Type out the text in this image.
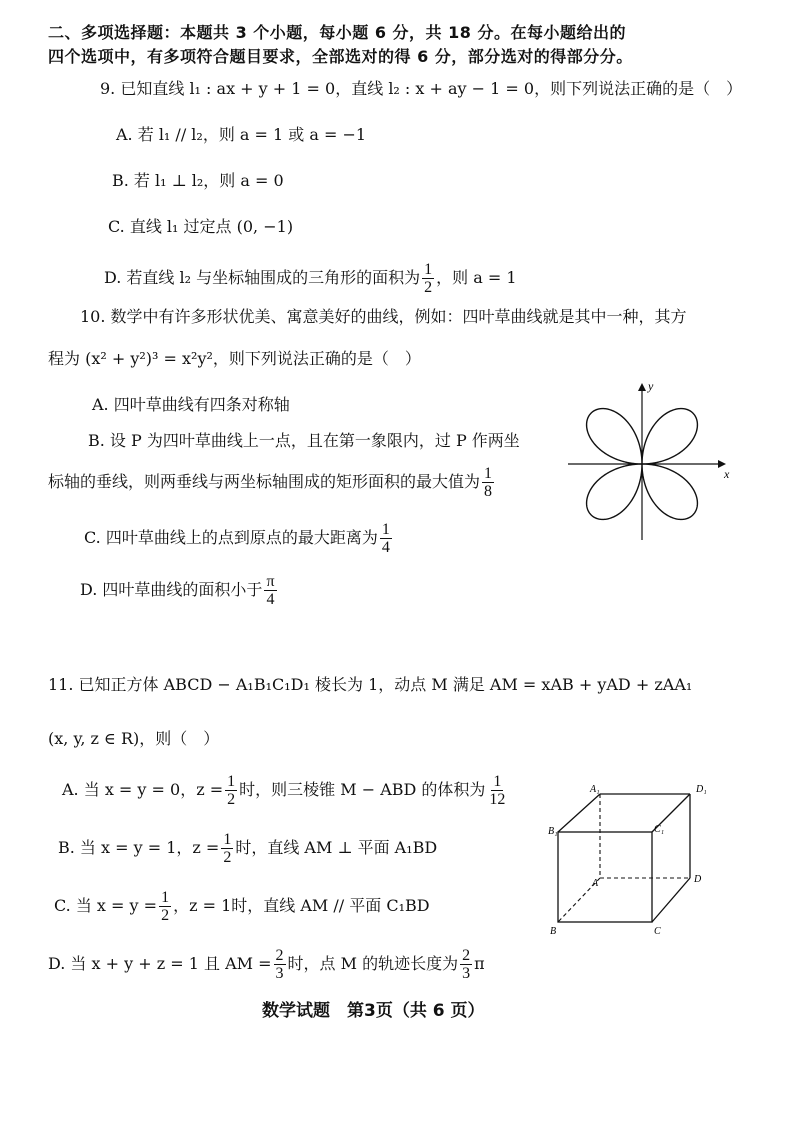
二、多项选择题：本题共 3 个小题，每小题 6 分，共 18 分。在每小题给出的
四个选项中，有多项符合题目要求，全部选对的得 6 分，部分选对的得部分分。
9. 已知直线 l₁ : ax + y + 1 = 0，直线 l₂ : x + ay − 1 = 0，则下列说法正确的是（　）
A. 若 l₁ // l₂，则 a = 1 或 a = −1
B. 若 l₁ ⊥ l₂，则 a = 0
C. 直线 l₁ 过定点 (0, −1)
D. 若直线 l₂ 与坐标轴围成的三角形的面积为 $\frac{1}{2}$ ，则 a = 1
10. 数学中有许多形状优美、寓意美好的曲线，例如：四叶草曲线就是其中一种，其方
程为 (x² + y²)³ = x²y²，则下列说法正确的是（　）
A. 四叶草曲线有四条对称轴
B. 设 P 为四叶草曲线上一点，且在第一象限内，过 P 作两坐
标轴的垂线，则两垂线与两坐标轴围成的矩形面积的最大值为 $\frac{1}{8}$
C. 四叶草曲线上的点到原点的最大距离为 $\frac{1}{4}$
D. 四叶草曲线的面积小于 $\frac{\pi}{4}$
x
y
11. 已知正方体 ABCD − A₁B₁C₁D₁ 棱长为 1，动点 M 满足 AM = xAB + yAD + zAA₁
(x, y, z ∈ R)，则（　）
A. 当 x = y = 0，$z = \frac{1}{2}$ 时，则三棱锥 M − ABD 的体积为 $\frac{1}{12}$
B. 当 x = y = 1，$z = \frac{1}{2}$ 时，直线 AM ⊥ 平面 A₁BD
C. 当 $x = y = \frac{1}{2}$ ，z = 1时，直线 AM // 平面 C₁BD
D. 当 x + y + z = 1 且 AM = $\frac{2}{3}$ 时，点 M 的轨迹长度为 $\frac{2}{3}$ π
A₁	D₁
B₁	C₁
A	D
B	C
数学试题　第3页（共 6 页）
